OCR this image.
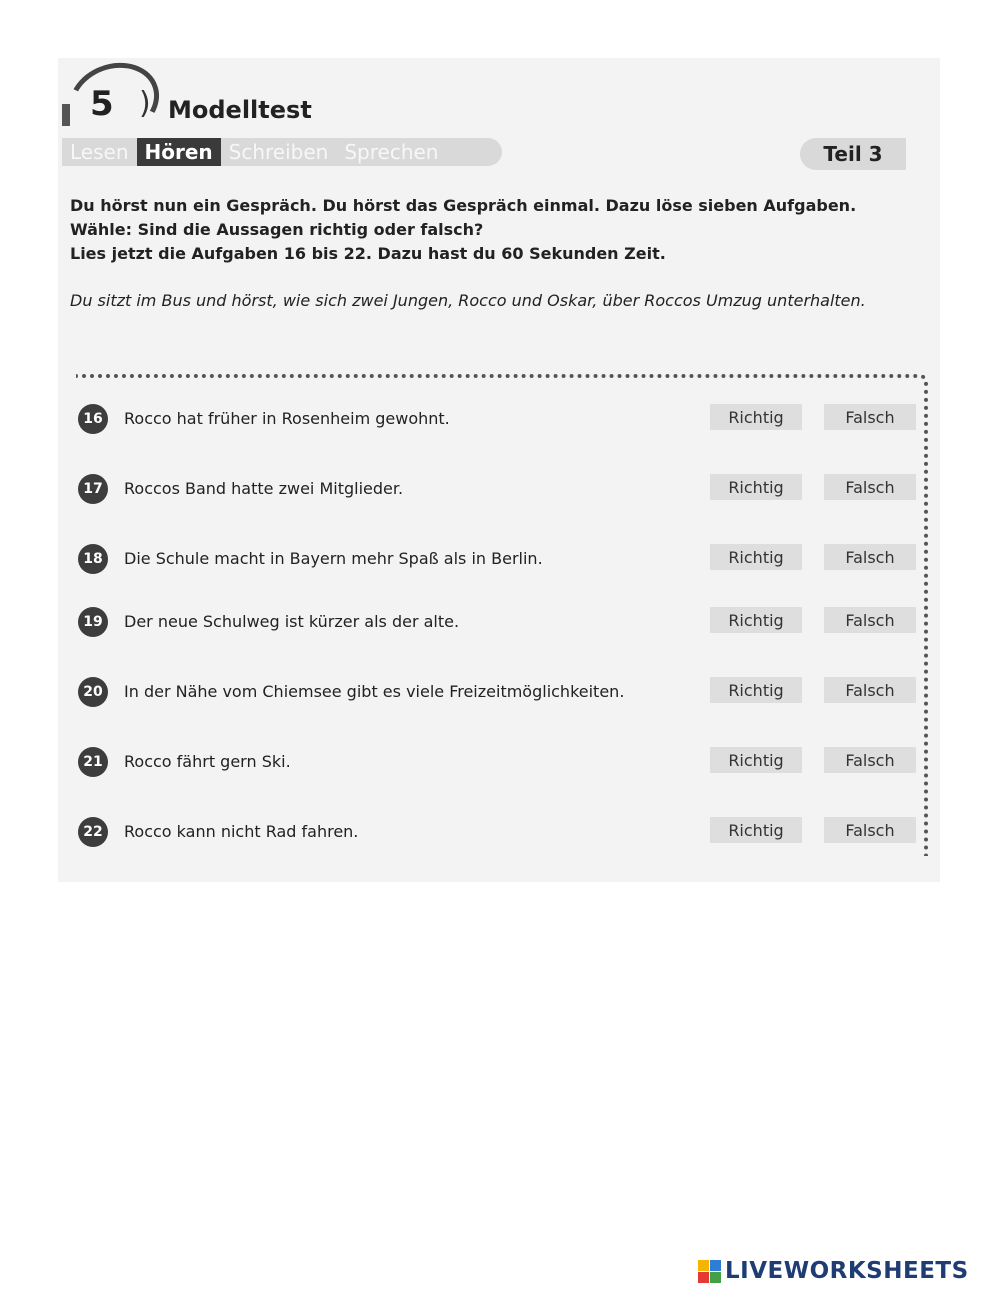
5 ) Modelltest
Lesen Hören Schreiben Sprechen	Teil 3
Du hörst nun ein Gespräch. Du hörst das Gespräch einmal. Dazu löse sieben Aufgaben.
Wähle: Sind die Aussagen richtig oder falsch?
Lies jetzt die Aufgaben 16 bis 22. Dazu hast du 60 Sekunden Zeit.
Du sitzt im Bus und hörst, wie sich zwei Jungen, Rocco und Oskar, über Roccos Umzug unterhalten.
16	Rocco hat früher in Rosenheim gewohnt.	Richtig	Falsch
17	Roccos Band hatte zwei Mitglieder.	Richtig	Falsch
18	Die Schule macht in Bayern mehr Spaß als in Berlin.	Richtig	Falsch
19	Der neue Schulweg ist kürzer als der alte.	Richtig	Falsch
20	In der Nähe vom Chiemsee gibt es viele Freizeitmöglichkeiten.	Richtig	Falsch
21	Rocco fährt gern Ski.	Richtig	Falsch
22	Rocco kann nicht Rad fahren.	Richtig	Falsch
LIVEWORKSHEETS
